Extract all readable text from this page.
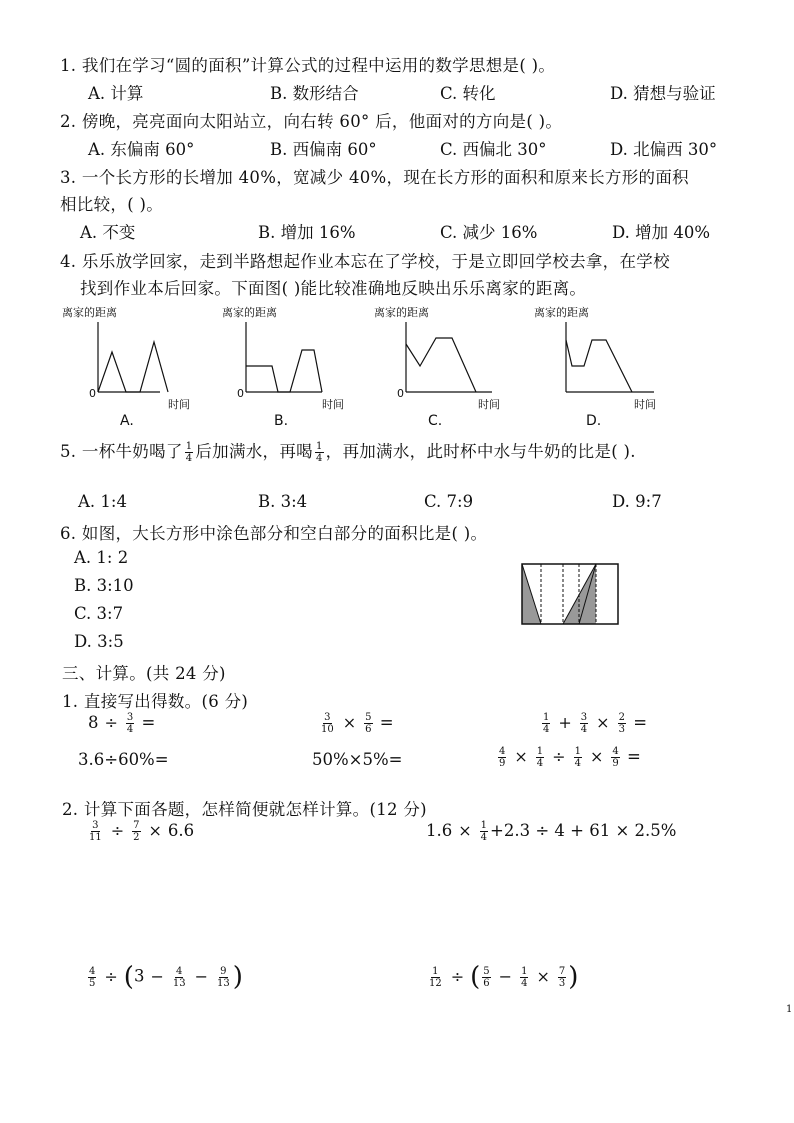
1. 我们在学习“圆的面积”计算公式的过程中运用的数学思想是( )。
A. 计算	B. 数形结合	C. 转化	D. 猜想与验证
2. 傍晚，亮亮面向太阳站立，向右转 60° 后，他面对的方向是( )。
A. 东偏南 60°	B. 西偏南 60°	C. 西偏北 30°	D. 北偏西 30°
3. 一个长方形的长增加 40%，宽减少 40%，现在长方形的面积和原来长方形的面积
相比较，( )。
A. 不变	B. 增加 16%	C. 减少 16%	D. 增加 40%
4. 乐乐放学回家，走到半路想起作业本忘在了学校，于是立即回学校去拿，在学校
找到作业本后回家。下面图( )能比较准确地反映出乐乐离家的距离。
离家的距离
0
A.
离家的距离
0
时间
B.
离家的距离
0
时间
C.
离家的距离
时间
D.
时间
5. 一杯牛奶喝了 $\frac{1}{4}$ 后加满水，再喝 $\frac{1}{4}$ ，再加满水，此时杯中水与牛奶的比是( ).
A. 1:4	B. 3:4	C. 7:9	D. 9:7
6. 如图，大长方形中涂色部分和空白部分的面积比是( )。
A. 1: 2
B. 3:10
C. 3:7
D. 3:5
三、计算。(共 24 分)
1. 直接写出得数。(6 分)
$8 \div \frac{3}{4}$ =	$\frac{3}{10} \times \frac{5}{6}$ =	$\frac{1}{4} + \frac{3}{4} \times \frac{2}{3}$ =
3.6÷60%=	50%×5%=	$\frac{4}{9} \times \frac{1}{4} \div \frac{1}{4} \times \frac{4}{9}$ =
2. 计算下面各题，怎样简便就怎样计算。(12 分)
$\frac{3}{11} \div \frac{7}{2} \times 6.6$	$1.6 \times \frac{1}{4} +2.3 \div 4 + 61 \times 2.5\%$
$\frac{4}{5} \div (3 - \frac{4}{13} - \frac{9}{13}$ )	$\frac{1}{12}$ ÷ ( $\frac{5}{6} - \frac{1}{4} \times \frac{7}{3}$ )
1
